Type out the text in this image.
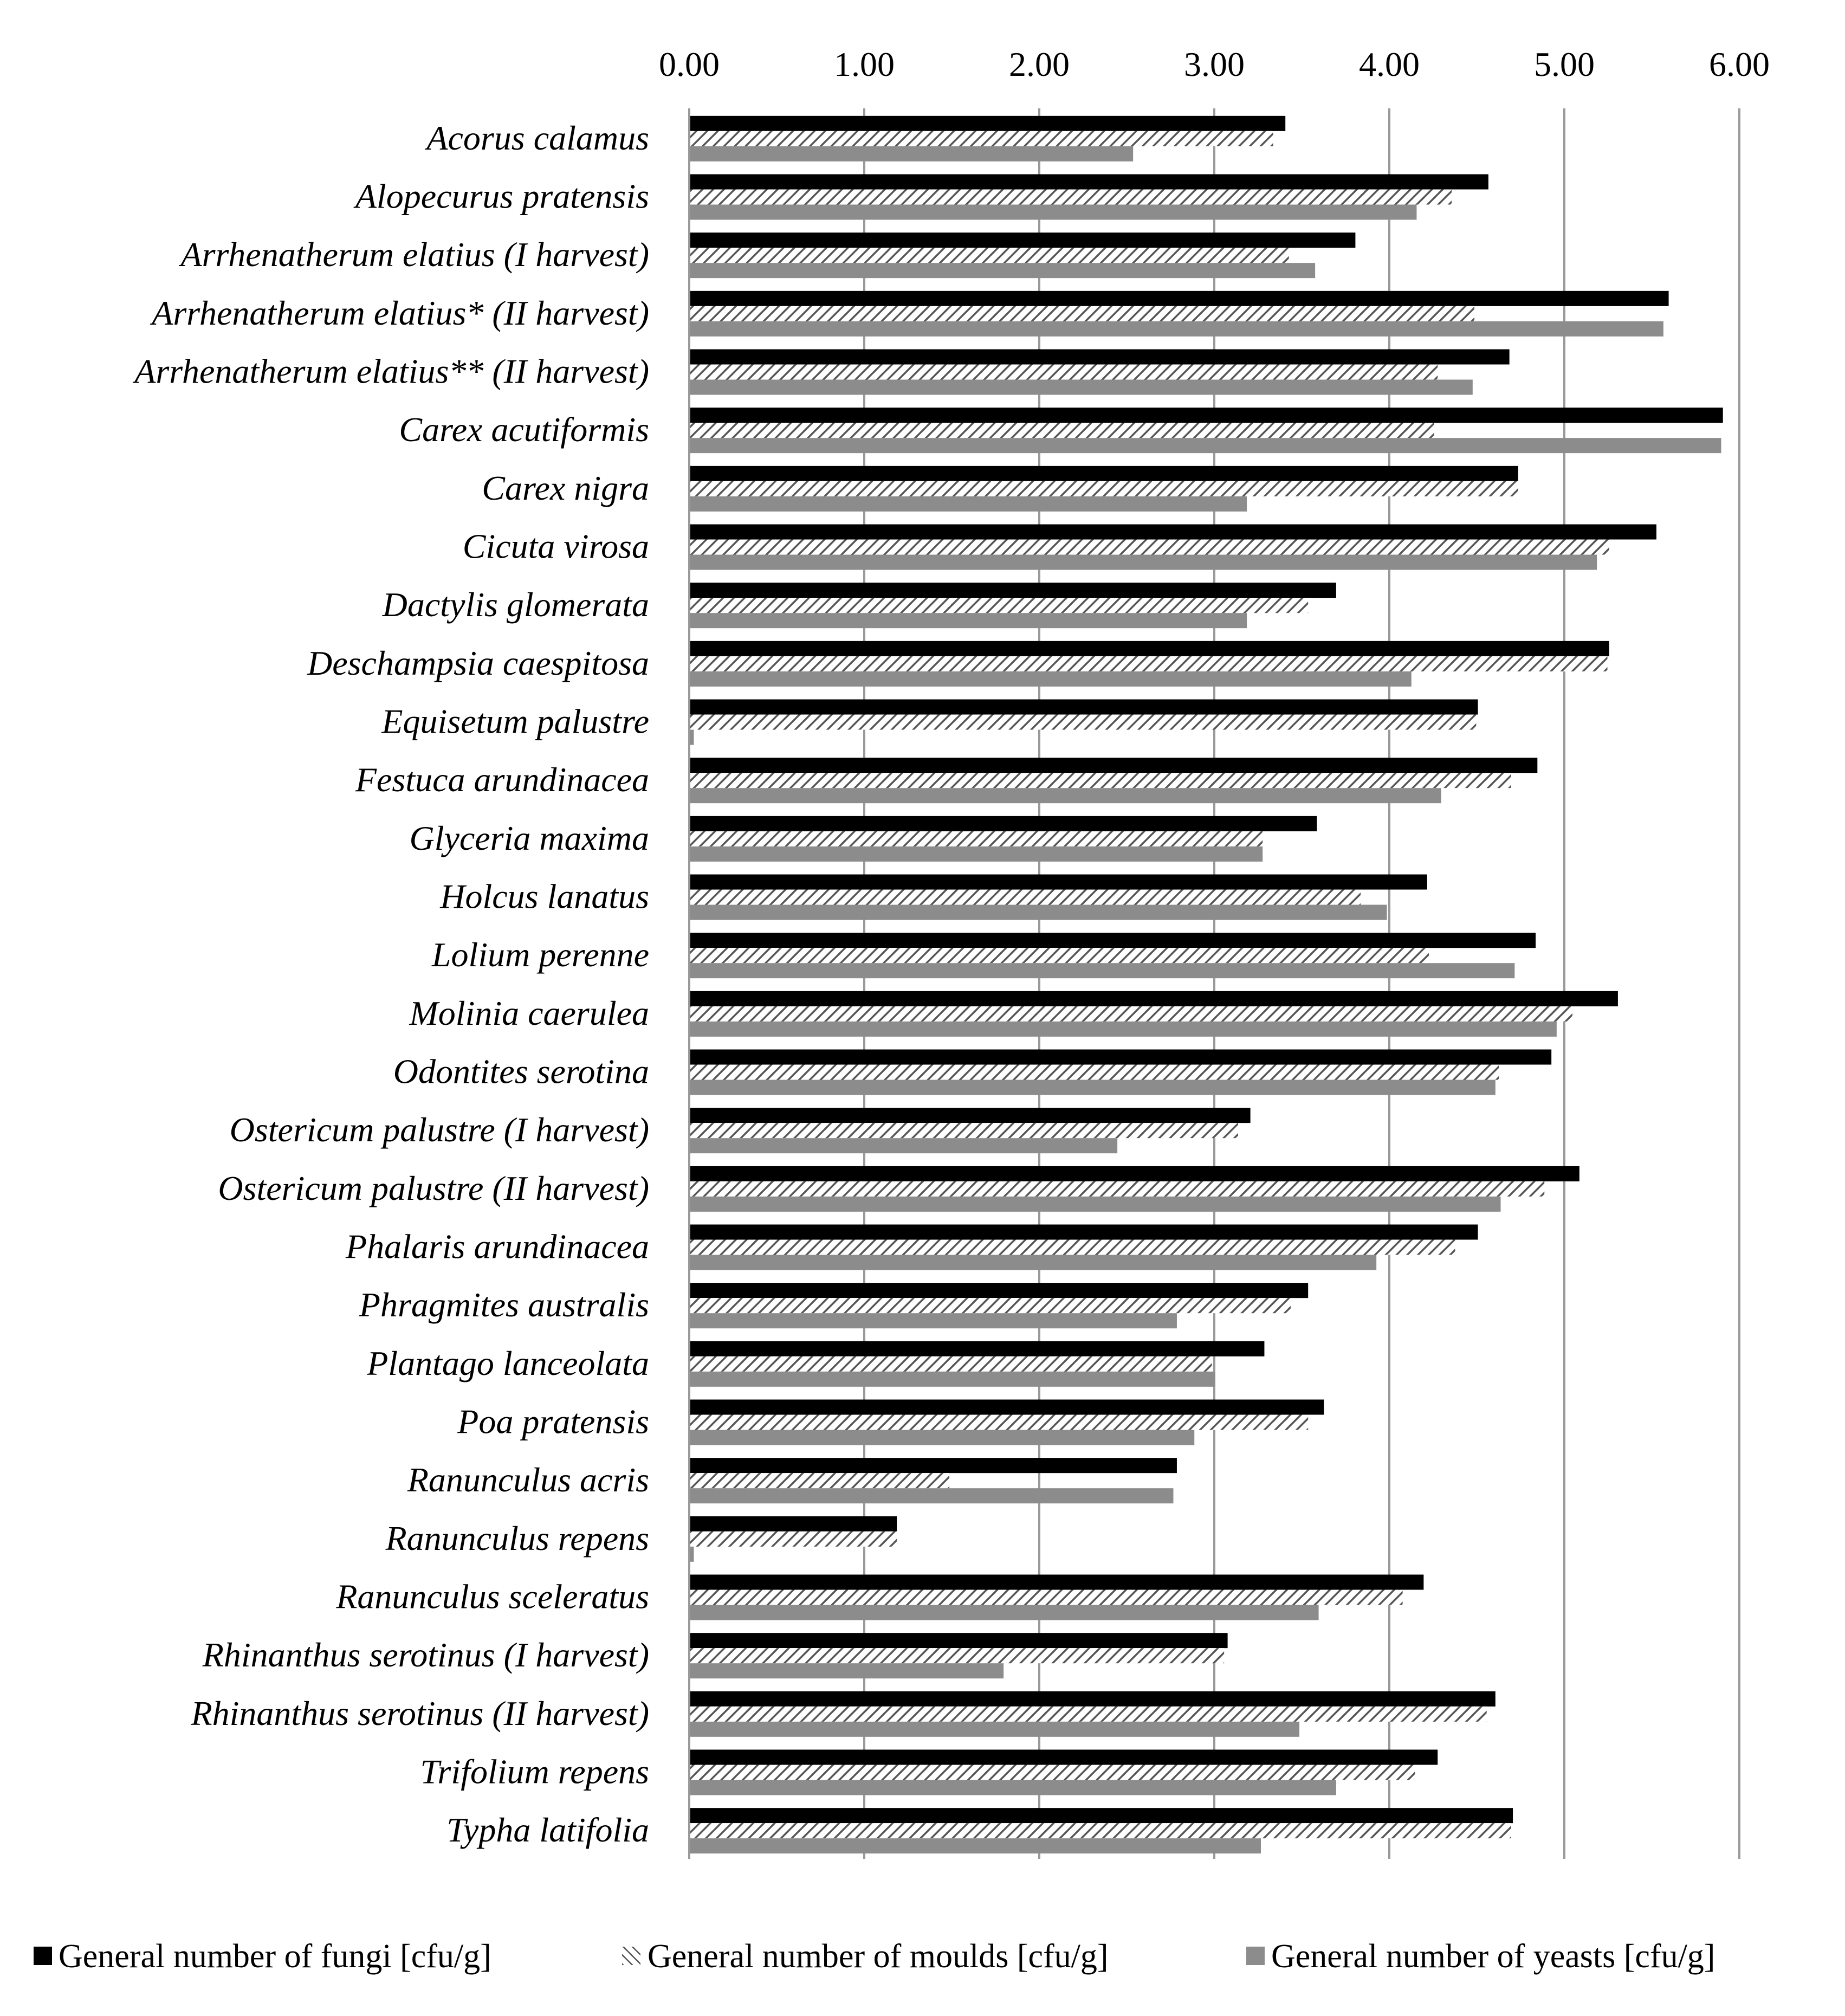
0.00	1.00	2.00	3.00	4.00	5.00	6.00
Acorus calamus
Alopecurus pratensis
Arrhenatherum elatius (I harvest)
Arrhenatherum elatius* (II harvest)
Arrhenatherum elatius** (II harvest)
Carex acutiformis
Carex nigra
Cicuta virosa
Dactylis glomerata
Deschampsia caespitosa
Equisetum palustre
Festuca arundinacea
Glyceria maxima
Holcus lanatus
Lolium perenne
Molinia caerulea
Odontites serotina
Ostericum palustre (I harvest)
Ostericum palustre (II harvest)
Phalaris arundinacea
Phragmites australis
Plantago lanceolata
Poa pratensis
Ranunculus acris
Ranunculus repens
Ranunculus sceleratus
Rhinanthus serotinus (I harvest)
Rhinanthus serotinus (II harvest)
Trifolium repens
Typha latifolia
General number of fungi [cfu/g]	General number of moulds [cfu/g]	General number of yeasts [cfu/g]
